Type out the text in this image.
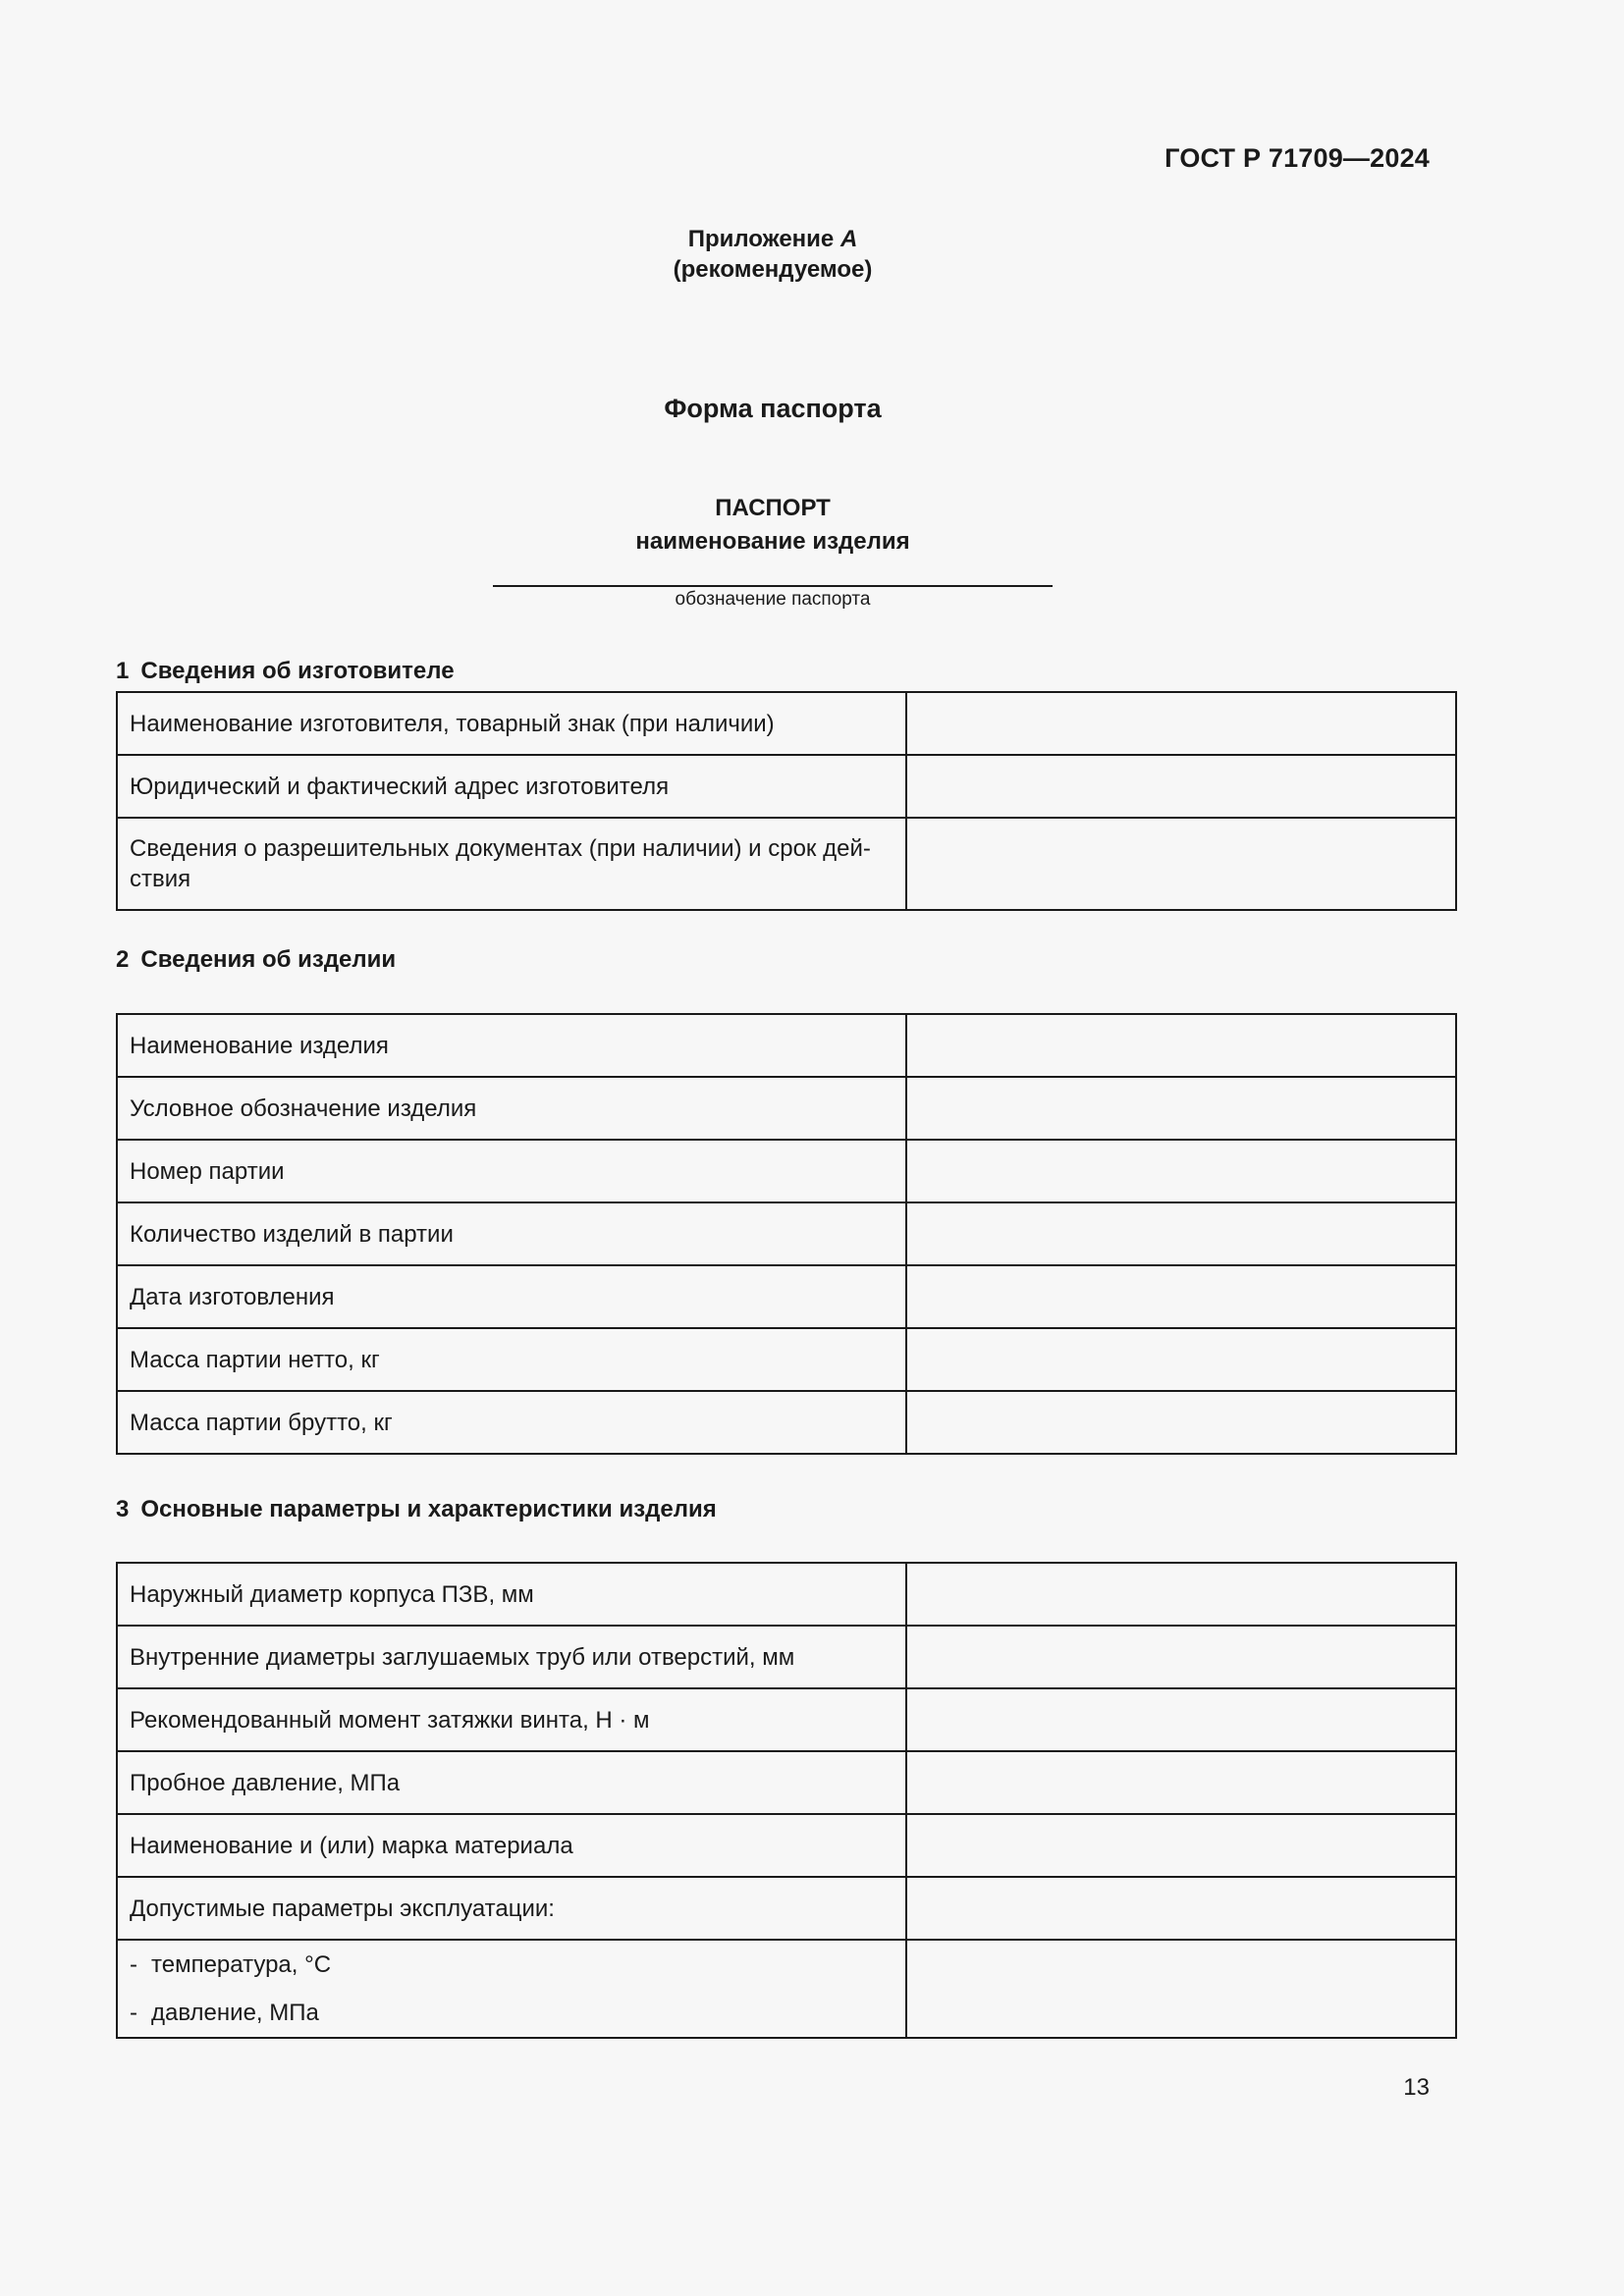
ГОСТ Р 71709—2024
Приложение А
(рекомендуемое)
Форма паспорта
ПАСПОРТ
наименование изделия
обозначение паспорта
1 Сведения об изготовителе
Наименование изготовителя, товарный знак (при наличии)	
Юридический и фактический адрес изготовителя	
Сведения о разрешительных документах (при наличии) и срок дей-ствия	
2 Сведения об изделии
Наименование изделия	
Условное обозначение изделия	
Номер партии	
Количество изделий в партии	
Дата изготовления	
Масса партии нетто, кг	
Масса партии брутто, кг	
3 Основные параметры и характеристики изделия
Наружный диаметр корпуса ПЗВ, мм	
Внутренние диаметры заглушаемых труб или отверстий, мм	
Рекомендованный момент затяжки винта, Н · м	
Пробное давление, МПа	
Наименование и (или) марка материала	
Допустимые параметры эксплуатации:	

- температура, °С
- давление, МПа	

13
